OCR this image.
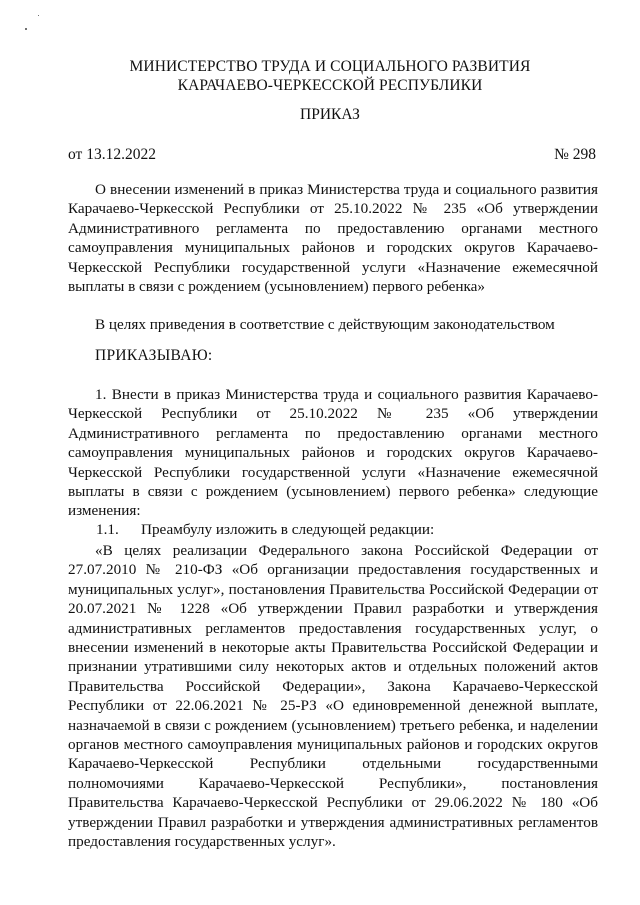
МИНИСТЕРСТВО ТРУДА И СОЦИАЛЬНОГО РАЗВИТИЯ
КАРАЧАЕВО-ЧЕРКЕССКОЙ РЕСПУБЛИКИ
ПРИКАЗ
от 13.12.2022	№ 298

О внесении изменений в приказ Министерства труда и социального развития Карачаево-Черкесской Республики от 25.10.2022 № 235 «Об утверждении Административного регламента по предоставлению органами местного самоуправления муниципальных районов и городских округов Карачаево-Черкесской Республики государственной услуги «Назначение ежемесячной выплаты в связи с рождением (усыновлением) первого ребенка»

В целях приведения в соответствие с действующим законодательством

ПРИКАЗЫВАЮ:

1. Внести в приказ Министерства труда и социального развития Карачаево-Черкесской Республики от 25.10.2022 № 235 «Об утверждении Административного регламента по предоставлению органами местного самоуправления муниципальных районов и городских округов Карачаево-Черкесской Республики государственной услуги «Назначение ежемесячной выплаты в связи с рождением (усыновлением) первого ребенка» следующие изменения:

1.1. Преамбулу изложить в следующей редакции:

«В целях реализации Федерального закона Российской Федерации от 27.07.2010 № 210-ФЗ «Об организации предоставления государственных и муниципальных услуг», постановления Правительства Российской Федерации от 20.07.2021 № 1228 «Об утверждении Правил разработки и утверждения административных регламентов предоставления государственных услуг, о внесении изменений в некоторые акты Правительства Российской Федерации и признании утратившими силу некоторых актов и отдельных положений актов Правительства Российской Федерации», Закона Карачаево-Черкесской Республики от 22.06.2021 № 25-РЗ «О единовременной денежной выплате, назначаемой в связи с рождением (усыновлением) третьего ребенка, и наделении органов местного самоуправления муниципальных районов и городских округов Карачаево-Черкесской Республики отдельными государственными полномочиями Карачаево-Черкесской Республики», постановления Правительства Карачаево-Черкесской Республики от 29.06.2022 № 180 «Об утверждении Правил разработки и утверждения административных регламентов предоставления государственных услуг».
